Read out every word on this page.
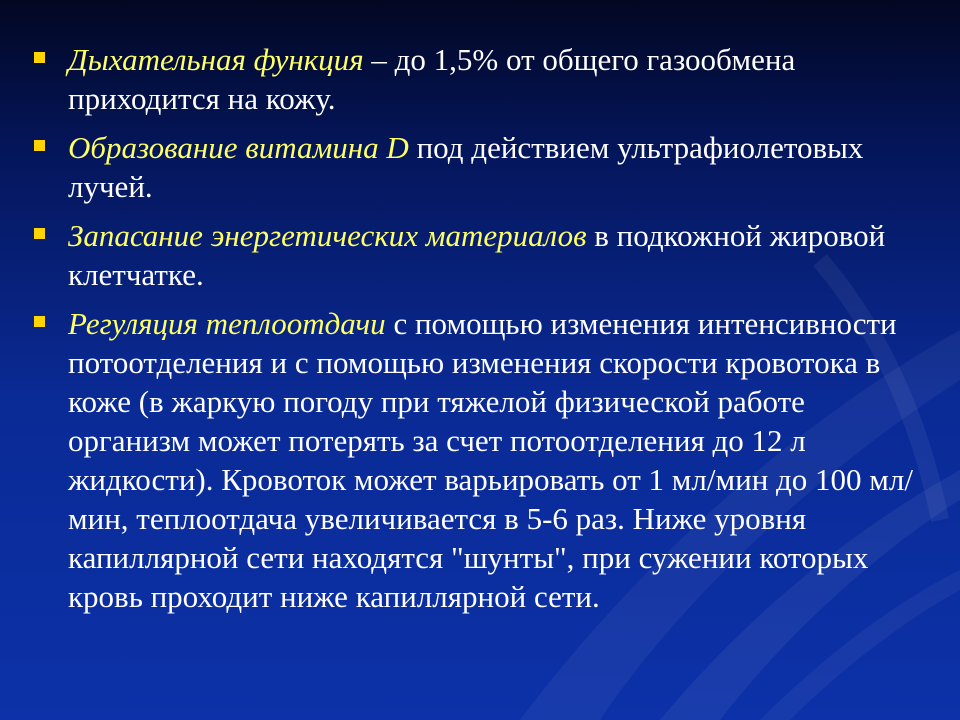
Дыхательная функция – до 1,5% от общего газообмена приходится на кожу.
Образование витамина D под действием ультрафиолетовых лучей.
Запасание энергетических материалов в подкожной жировой клетчатке.
Регуляция теплоотдачи с помощью изменения интенсивности потоотделения и с помощью изменения скорости кровотока в коже (в жаркую погоду при тяжелой физической работе организм может потерять за счет потоотделения до 12 л жидкости). Кровоток может варьировать от 1 мл/мин до 100 мл/мин, теплоотдача увеличивается в 5-6 раз. Ниже уровня капиллярной сети находятся "шунты", при сужении которых кровь проходит ниже капиллярной сети.
